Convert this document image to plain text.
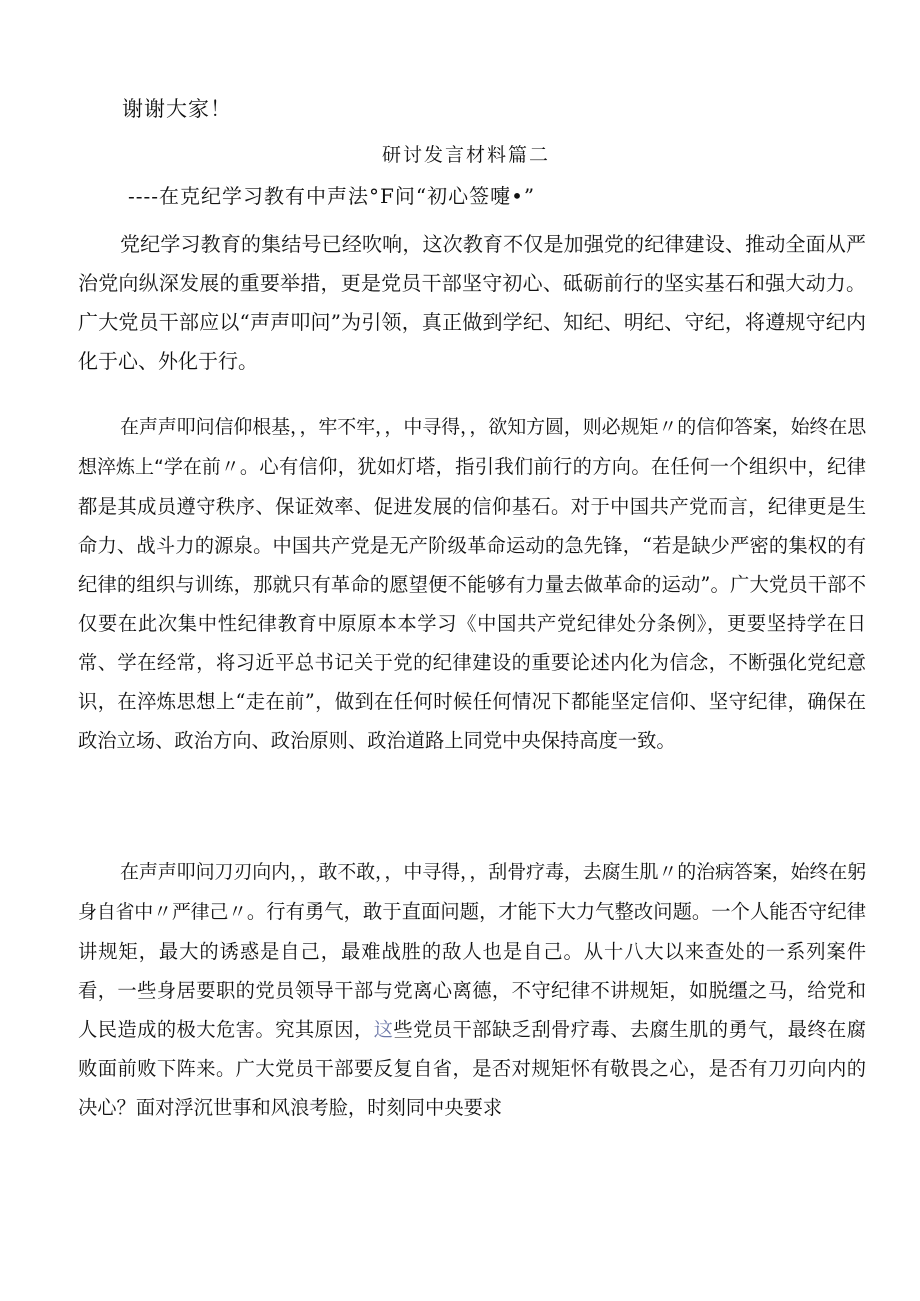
谢谢大家！
研讨发言材料篇二
----在克纪学习教有中声法°F问“初心签嚏•”
党纪学习教育的集结号已经吹响，这次教育不仅是加强党的纪律建设、推动全面从严治党向纵深发展的重要举措，更是党员干部坚守初心、砥砺前行的坚实基石和强大动力。广大党员干部应以“声声叩问”为引领，真正做到学纪、知纪、明纪、守纪，将遵规守纪内化于心、外化于行。
在声声叩问信仰根基，，牢不牢，，中寻得，，欲知方圆，则必规矩〃的信仰答案，始终在思想淬炼上“学在前〃。心有信仰，犹如灯塔，指引我们前行的方向。在任何一个组织中，纪律都是其成员遵守秩序、保证效率、促进发展的信仰基石。对于中国共产党而言，纪律更是生命力、战斗力的源泉。中国共产党是无产阶级革命运动的急先锋，“若是缺少严密的集权的有纪律的组织与训练，那就只有革命的愿望便不能够有力量去做革命的运动”。广大党员干部不仅要在此次集中性纪律教育中原原本本学习《中国共产党纪律处分条例》，更要坚持学在日常、学在经常，将习近平总书记关于党的纪律建设的重要论述内化为信念，不断强化党纪意识，在淬炼思想上“走在前”，做到在任何时候任何情况下都能坚定信仰、坚守纪律，确保在政治立场、政治方向、政治原则、政治道路上同党中央保持高度一致。
在声声叩问刀刃向内，，敢不敢，，中寻得，，刮骨疗毒，去腐生肌〃的治病答案，始终在躬身自省中〃严律己〃。行有勇气，敢于直面问题，才能下大力气整改问题。一个人能否守纪律讲规矩，最大的诱惑是自己，最难战胜的敌人也是自己。从十八大以来查处的一系列案件看，一些身居要职的党员领导干部与党离心离德，不守纪律不讲规矩，如脱缰之马，给党和人民造成的极大危害。究其原因，这些党员干部缺乏刮骨疗毒、去腐生肌的勇气，最终在腐败面前败下阵来。广大党员干部要反复自省，是否对规矩怀有敬畏之心，是否有刀刃向内的决心？面对浮沉世事和风浪考脸，时刻同中央要求
